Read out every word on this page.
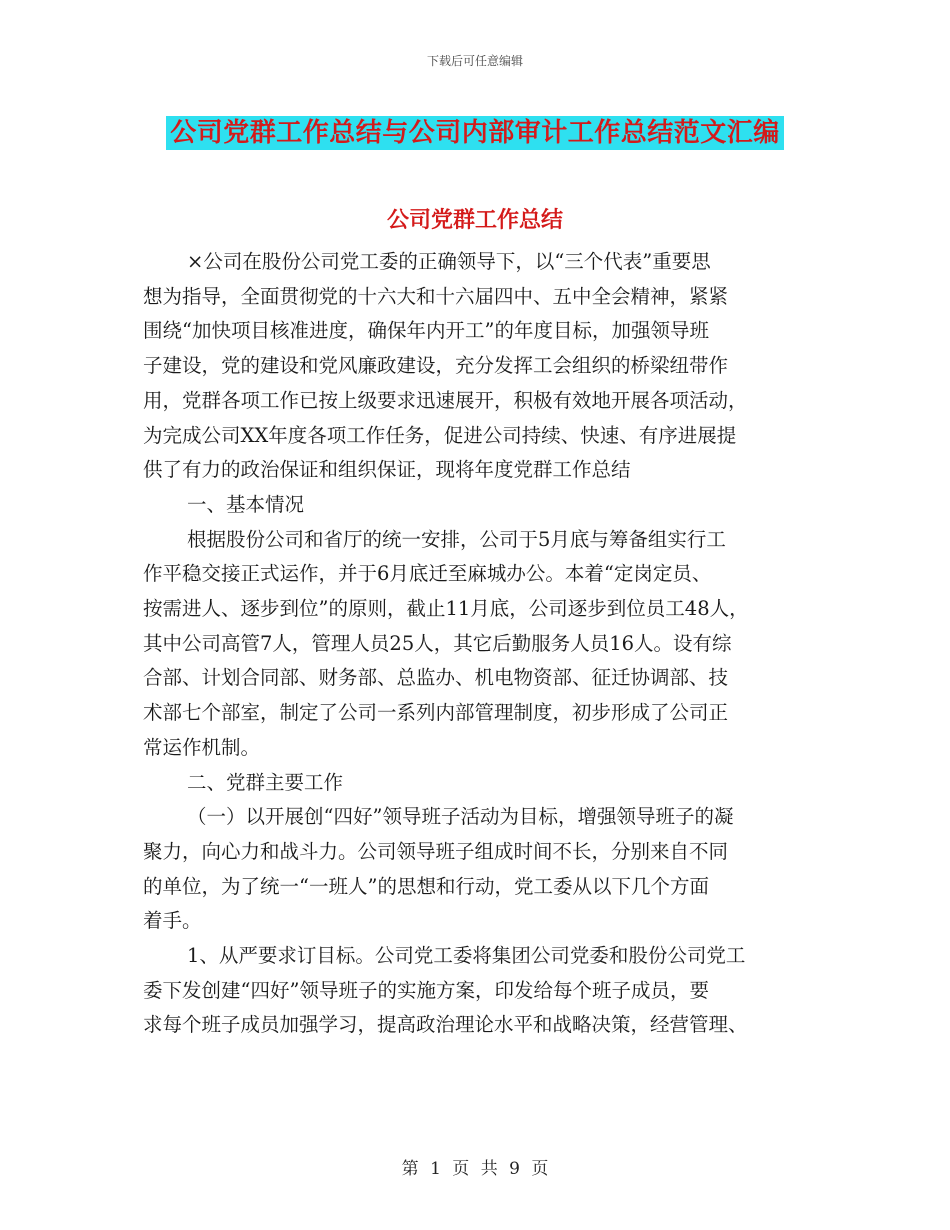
下载后可任意编辑
公司党群工作总结与公司内部审计工作总结范文汇编
公司党群工作总结
×公司在股份公司党工委的正确领导下，以“三个代表”重要思
想为指导，全面贯彻党的十六大和十六届四中、五中全会精神，紧紧
围绕“加快项目核准进度，确保年内开工”的年度目标，加强领导班
子建设，党的建设和党风廉政建设，充分发挥工会组织的桥梁纽带作
用，党群各项工作已按上级要求迅速展开，积极有效地开展各项活动，
为完成公司XX年度各项工作任务，促进公司持续、快速、有序进展提
供了有力的政治保证和组织保证，现将年度党群工作总结
一、基本情况
根据股份公司和省厅的统一安排，公司于5月底与筹备组实行工
作平稳交接正式运作，并于6月底迁至麻城办公。本着“定岗定员、
按需进人、逐步到位”的原则，截止11月底，公司逐步到位员工48人，
其中公司高管7人，管理人员25人，其它后勤服务人员16人。设有综
合部、计划合同部、财务部、总监办、机电物资部、征迁协调部、技
术部七个部室，制定了公司一系列内部管理制度，初步形成了公司正
常运作机制。
二、党群主要工作
（一）以开展创“四好”领导班子活动为目标，增强领导班子的凝
聚力，向心力和战斗力。公司领导班子组成时间不长，分别来自不同
的单位，为了统一“一班人”的思想和行动，党工委从以下几个方面
着手。
1、从严要求订目标。公司党工委将集团公司党委和股份公司党工
委下发创建“四好”领导班子的实施方案，印发给每个班子成员，要
求每个班子成员加强学习，提高政治理论水平和战略决策，经营管理、
第 1 页 共 9 页
